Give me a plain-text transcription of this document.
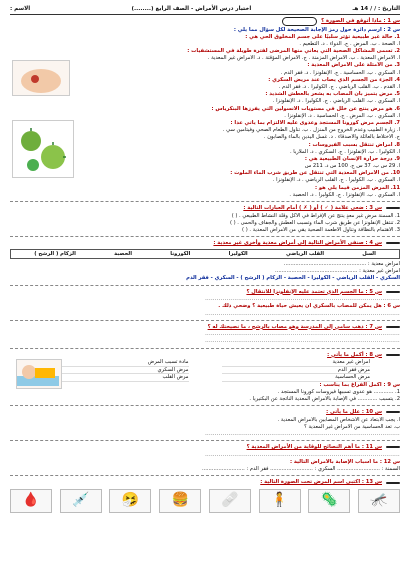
التاريخ : / / 14 هـ
اختبار درس الأمراض - الصف الرابع (........)
الاسم :
س 1 : ماذا أتوقع في الصورة ؟
س 2 : ارسم دائرة حول رمز الإجابة الصحيحة لكل سؤال مما يلي :
1. حالة غير طبيعية تؤثر سلبيًا على جسم المخلوق الحي هي :
أ. الصحة . ب. المرض . ج. الدواء . د. التطعيم .
2. تسمى المشاكل الصحية التي يعاني منها المرضى لفترة طويلة في المستشفيات :
أ. الأمراض المعدية . ب. الأمراض المزمنة . ج. الأمراض المؤقتة . د. الأمراض غير المعدية .
3. من الأمثلة على الأمراض المعدية :
أ. السكري . ب. الحساسية . ج. الإنفلونزا . د. فقر الدم .
4. الجزء من الجسم الذي يصاب عند مريض السكري :
أ. القدم . ب. القلب الرياضي . ج. الكوليرا . د. فقر الدم .
5. مرض يتميز بأن المصاب به يشعر بالعطش الشديد :
أ. السكري . ب. القلب الرياضي . ج. الكوليرا . د. الإنفلونزا .
6. هو مرض ينتج عن خلل في مستويات الأنسولين التي يفرزها البنكرياس :
أ. السكري . ب. المرض . ج. الحساسية . د. الإنفلونزا .
7. الجسم مرض كورونا المستجد وعدوى عليه الالتزام بما يأتي عدا :
أ. زيارة الطبيب وعدم الخروج من المنزل . ب. تناول الطعام الصحي وفيتامين سي .
ج. الاختلاط بالعائلة والأصدقاء . د. غسل اليدين بالماء والصابون .
8. أمراض تنتقل بسبب الفيروسات :
أ. الكوليرا . ب. الإنفلونزا . ج. السكري . د. الملاريا .
9. درجة حرارة الإنسان الطبيعية هي :
أ. 29 س ب. 37 س ج. 100 س د. 211 س
10. من الأمراض المعدية التي تنتقل عن طريق شرب الماء الملوث :
أ. السكري . ب. الكوليرا . ج. القلب الرياضي . د. الإنفلونزا .
11. المرض المزمن فيما يلي هو :
أ. السكري . ب. الإنفلونزا . ج. الكوليرا . د. الحصبة .
س 3 : ضعي علامة ( ✓ ) أو ( ✗ ) أمام العبارات التالية :
1. السمنة مرض غير معدٍ ينتج عن الإفراط في الأكل وقلة النشاط الطبيعي . ( )
2. تنتقل الإنفلونزا عن طريق شرب الماء وتسبب العطش والجفاف والحمى . ( )
3. الاهتمام بالنظافة وتناول الأطعمة الصحية يقي من الأمراض المعدية . ( )
س 4 : صنفي الأمراض التالية إلى أمراض معدية وأخرى غير معدية :
السل
القلب الرياضي
الكوليرا
الكورونا
الحصبة
الزكام ( الرشح )
أمراض معدية : ..................................................
أمراض غير معدية : ..................................................
السكري - القلب الرياضي - الكوليرا - الحصبة - الزكام ( الرشح ) - السكري - فقر الدم
س 5 : ما الجسم الذي تعتمد عليه الإنفلونزا للانتقال ؟
....................................................................................................
س 6 : هل يمكن للمصاب بالسكري أن يعيش حياة طبيعية ؟ وضحي ذلك .
....................................................................................................
س 7 : ذهب سامي إلى المدرسة وهو مصاب بالرشح ، ما نصيحتك له ؟
....................................................................................................
....................................................................................................
س 8 : أكمل ما يأتي :
أمراض غير معدية
مرض فقر الدم
مرض الحساسية
مادة تسبب المرض
مرض السكري
مرض القلب
س 9 : أكمل الفراغ بما يناسب :
1. ............ هو عدوى تسببها فيروسات كورونا المستجد .
2. يتسبب ............ في الإصابة بالأمراض المعدية الناتجة عن البكتيريا .
س 10 : علل ما يأتي :
أ. يجب الابتعاد عن الأشخاص المصابين بالأمراض المعدية .
ب. تعد الحساسية من الأمراض غير المعدية ؟
....................................................................................................
س 11 : ما أهم النصائح للوقاية من الأمراض المعدية ؟
....................................................................................................
س 12 : ما أسباب الإصابة بالأمراض التالية :
السمنة : .......................... السكري : .......................... فقر الدم : ..........................
س 13 : اكتبي اسم المرض تحت الصورة التالية :
🦟
🦠
🧍
🩹
🍔
🤧
💉
🩸
